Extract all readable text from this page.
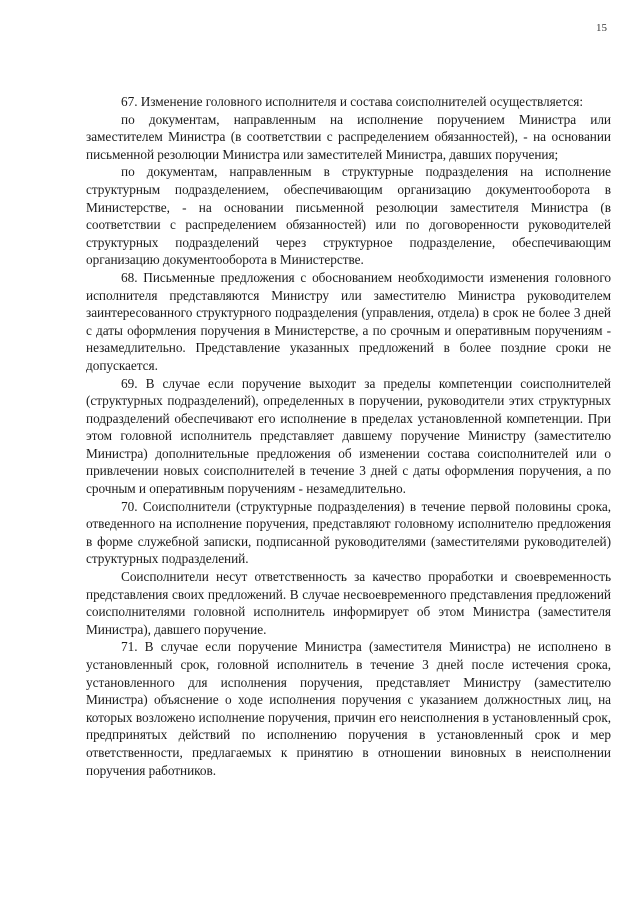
15

67. Изменение головного исполнителя и состава соисполнителей осуществляется:

по документам, направленным на исполнение поручением Министра или заместителем Министра (в соответствии с распределением обязанностей), - на основании письменной резолюции Министра или заместителей Министра, давших поручения;

по документам, направленным в структурные подразделения на исполнение структурным подразделением, обеспечивающим организацию документооборота в Министерстве, - на основании письменной резолюции заместителя Министра (в соответствии с распределением обязанностей) или по договоренности руководителей структурных подразделений через структурное подразделение, обеспечивающим организацию документооборота в Министерстве.

68. Письменные предложения с обоснованием необходимости изменения головного исполнителя представляются Министру или заместителю Министра руководителем заинтересованного структурного подразделения (управления, отдела) в срок не более 3 дней с даты оформления поручения в Министерстве, а по срочным и оперативным поручениям - незамедлительно. Представление указанных предложений в более поздние сроки не допускается.

69. В случае если поручение выходит за пределы компетенции соисполнителей (структурных подразделений), определенных в поручении, руководители этих структурных подразделений обеспечивают его исполнение в пределах установленной компетенции. При этом головной исполнитель представляет давшему поручение Министру (заместителю Министра) дополнительные предложения об изменении состава соисполнителей или о привлечении новых соисполнителей в течение 3 дней с даты оформления поручения, а по срочным и оперативным поручениям - незамедлительно.

70. Соисполнители (структурные подразделения) в течение первой половины срока, отведенного на исполнение поручения, представляют головному исполнителю предложения в форме служебной записки, подписанной руководителями (заместителями руководителей) структурных подразделений.

Соисполнители несут ответственность за качество проработки и своевременность представления своих предложений. В случае несвоевременного представления предложений соисполнителями головной исполнитель информирует об этом Министра (заместителя Министра), давшего поручение.

71. В случае если поручение Министра (заместителя Министра) не исполнено в установленный срок, головной исполнитель в течение 3 дней после истечения срока, установленного для исполнения поручения, представляет Министру (заместителю Министра) объяснение о ходе исполнения поручения с указанием должностных лиц, на которых возложено исполнение поручения, причин его неисполнения в установленный срок, предпринятых действий по исполнению поручения в установленный срок и мер ответственности, предлагаемых к принятию в отношении виновных в неисполнении поручения работников.
